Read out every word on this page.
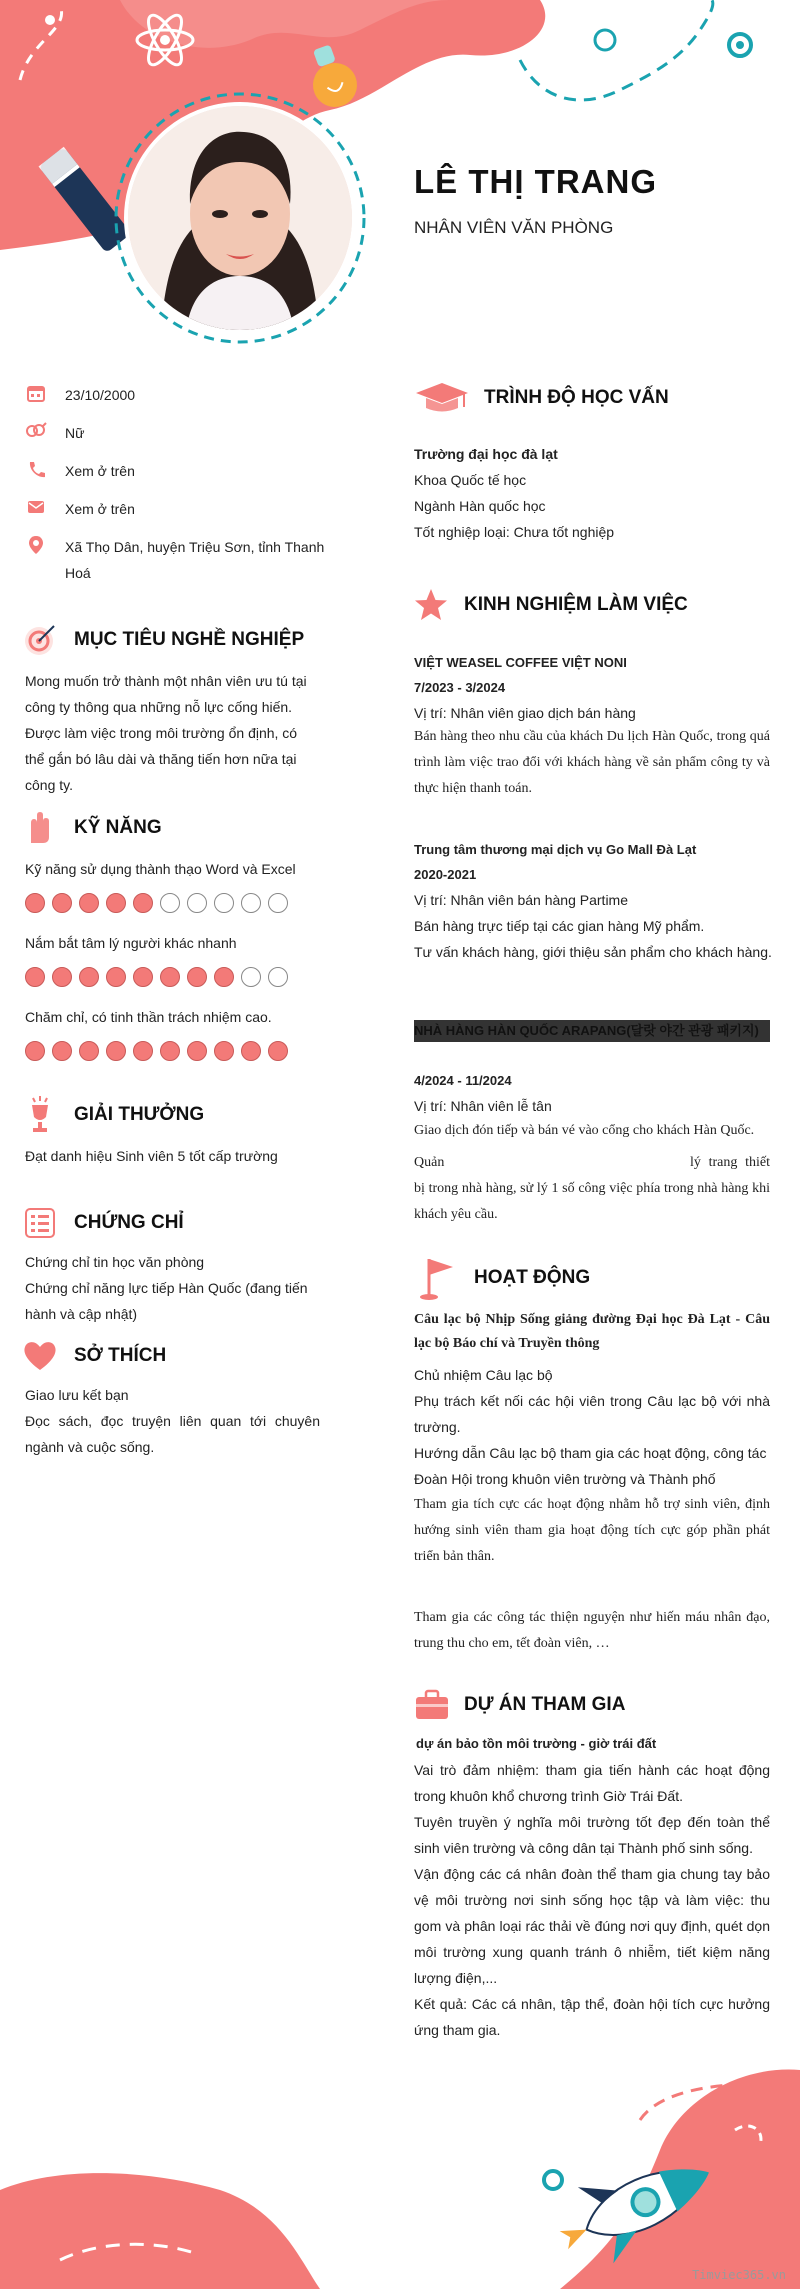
LÊ THỊ TRANG
NHÂN VIÊN VĂN PHÒNG
23/10/2000
Nữ
Xem ở trên
Xem ở trên
Xã Thọ Dân, huyện Triệu Sơn, tỉnh Thanh Hoá
MỤC TIÊU NGHỀ NGHIỆP
Mong muốn trở thành một nhân viên ưu tú tại công ty thông qua những nỗ lực cống hiến. Được làm việc trong môi trường ổn định, có thể gắn bó lâu dài và thăng tiến hơn nữa tại công ty.
KỸ NĂNG
Kỹ năng sử dụng thành thạo Word và Excel
Nắm bắt tâm lý người khác nhanh
Chăm chỉ, có tinh thần trách nhiệm cao.
GIẢI THƯỞNG
Đạt danh hiệu Sinh viên 5 tốt cấp trường
CHỨNG CHỈ
Chứng chỉ tin học văn phòng
Chứng chỉ năng lực tiếp Hàn Quốc (đang tiến hành và cập nhật)
SỞ THÍCH
Giao lưu kết bạn
Đọc sách, đọc truyện liên quan tới chuyên ngành và cuộc sống.
TRÌNH ĐỘ HỌC VẤN
Trường đại học đà lạt
Khoa Quốc tế học
Ngành Hàn quốc học
Tốt nghiệp loại: Chưa tốt nghiệp
KINH NGHIỆM LÀM VIỆC
VIỆT WEASEL COFFEE VIỆT NONI
7/2023 - 3/2024
Vị trí: Nhân viên giao dịch bán hàng
Bán hàng theo nhu cầu của khách Du lịch Hàn Quốc, trong quá trình làm việc trao đổi với khách hàng về sản phẩm công ty và thực hiện thanh toán.
Trung tâm thương mại dịch vụ Go Mall Đà Lạt
2020-2021
Vị trí: Nhân viên bán hàng Partime
Bán hàng trực tiếp tại các gian hàng Mỹ phẩm.
Tư vấn khách hàng, giới thiệu sản phẩm cho khách hàng.
NHÀ HÀNG HÀN QUỐC ARAPANG(달랏 야간 관광 패키지)
4/2024 - 11/2024
Vị trí: Nhân viên lễ tân
Giao dịch đón tiếp và bán vé vào cổng cho khách Hàn Quốc.
Quản	lý trang thiết bị trong nhà hàng, sử lý 1 số công việc phía trong nhà hàng khi khách yêu cầu.
HOẠT ĐỘNG
Câu lạc bộ Nhịp Sống giảng đường Đại học Đà Lạt - Câu lạc bộ Báo chí và Truyền thông
Chủ nhiệm Câu lạc bộ
Phụ trách kết nối các hội viên trong Câu lạc bộ với nhà trường.
Hướng dẫn Câu lạc bộ tham gia các hoạt động, công tác Đoàn Hội trong khuôn viên trường và Thành phố
Tham gia tích cực các hoạt động nhằm hỗ trợ sinh viên, định hướng sinh viên tham gia hoạt động tích cực góp phần phát triển bản thân.
Tham gia các công tác thiện nguyện như hiến máu nhân đạo, trung thu cho em, tết đoàn viên, …
DỰ ÁN THAM GIA
dự án bảo tồn môi trường - giờ trái đất
Vai trò đảm nhiệm: tham gia tiến hành các hoạt động trong khuôn khổ chương trình Giờ Trái Đất.
Tuyên truyền ý nghĩa môi trường tốt đẹp đến toàn thể sinh viên trường và công dân tại Thành phố sinh sống.
Vận động các cá nhân đoàn thể tham gia chung tay bảo vệ môi trường nơi sinh sống học tập và làm việc: thu gom và phân loại rác thải về đúng nơi quy định, quét dọn môi trường xung quanh tránh ô nhiễm, tiết kiệm năng lượng điện,...
Kết quả: Các cá nhân, tập thể, đoàn hội tích cực hưởng ứng tham gia.
Timviec365.vn
